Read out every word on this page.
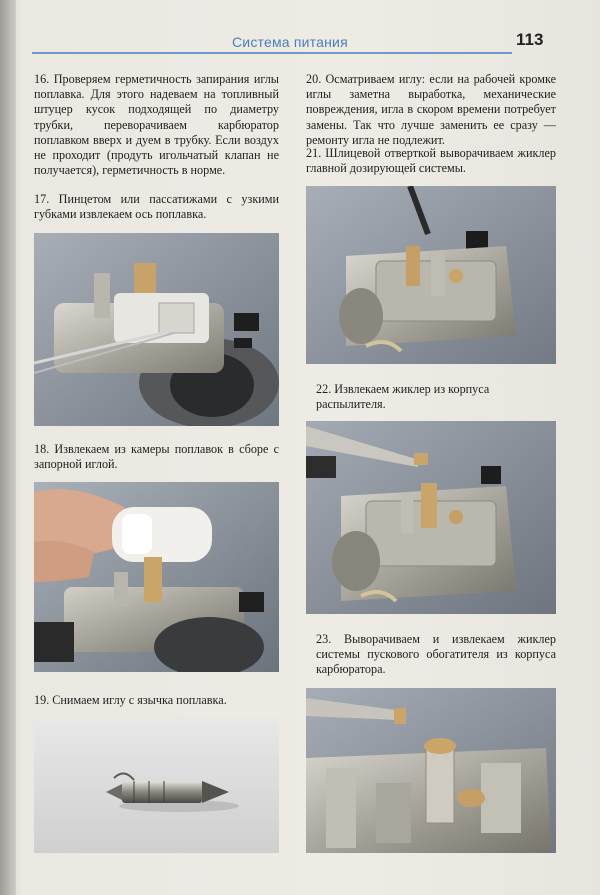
Система питания	113

16. Проверяем герметичность запирания иглы поплавка. Для этого надеваем на топливный штуцер кусок подходящей по диаметру трубки, переворачиваем карбюратор поплавком вверх и дуем в трубку. Если воздух не проходит (продуть игольчатый клапан не получается), герметичность в норме.

17. Пинцетом или пассатижами с узкими губками извлекаем ось поплавка.

18. Извлекаем из камеры поплавок в сборе с запорной иглой.

19. Снимаем иглу с язычка поплавка.

20. Осматриваем иглу: если на рабочей кромке иглы заметна выработка, механические повреждения, игла в скором времени потребует замены. Так что лучше заменить ее сразу — ремонту игла не подлежит.

21. Шлицевой отверткой выворачиваем жиклер главной дозирующей системы.

22. Извлекаем жиклер из корпуса распылителя.

23. Выворачиваем и извлекаем жиклер системы пускового обогатителя из корпуса карбюратора.
